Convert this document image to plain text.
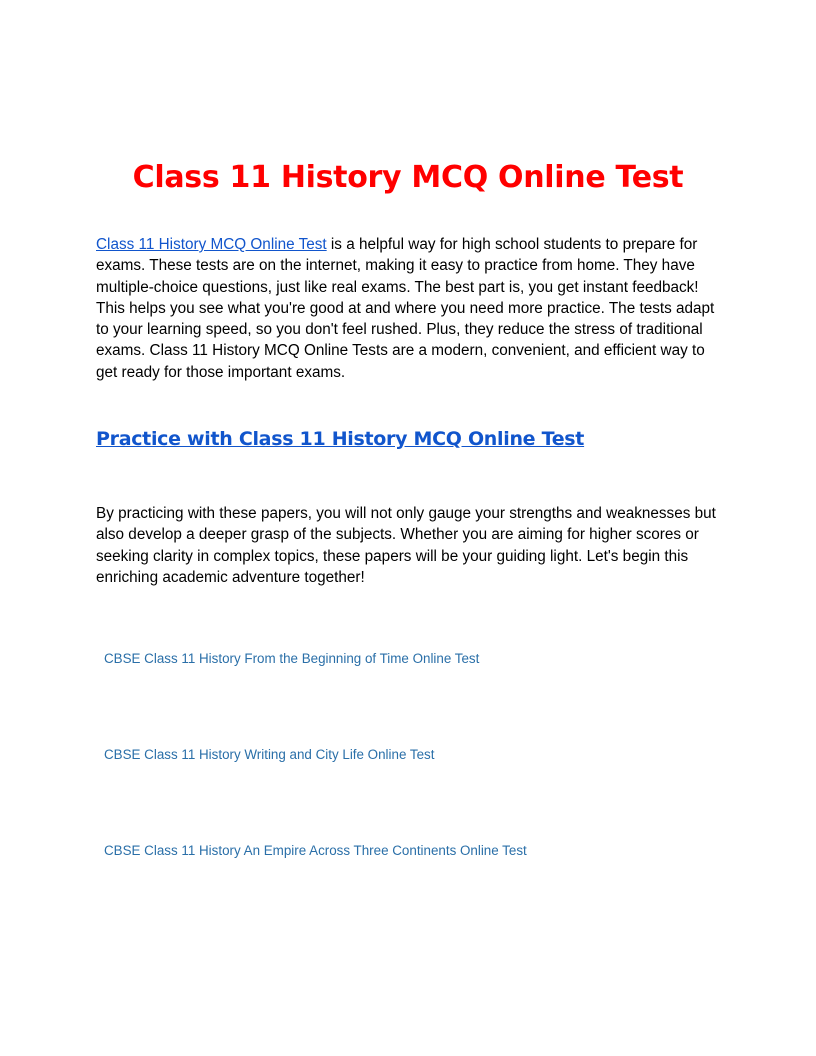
Class 11 History MCQ Online Test

Class 11 History MCQ Online Test is a helpful way for high school students to prepare for exams. These tests are on the internet, making it easy to practice from home. They have multiple-choice questions, just like real exams. The best part is, you get instant feedback! This helps you see what you're good at and where you need more practice. The tests adapt to your learning speed, so you don't feel rushed. Plus, they reduce the stress of traditional exams. Class 11 History MCQ Online Tests are a modern, convenient, and efficient way to get ready for those important exams.

Practice with Class 11 History MCQ Online Test

By practicing with these papers, you will not only gauge your strengths and weaknesses but also develop a deeper grasp of the subjects. Whether you are aiming for higher scores or seeking clarity in complex topics, these papers will be your guiding light. Let's begin this enriching academic adventure together!

CBSE Class 11 History From the Beginning of Time Online Test
CBSE Class 11 History Writing and City Life Online Test
CBSE Class 11 History An Empire Across Three Continents Online Test
